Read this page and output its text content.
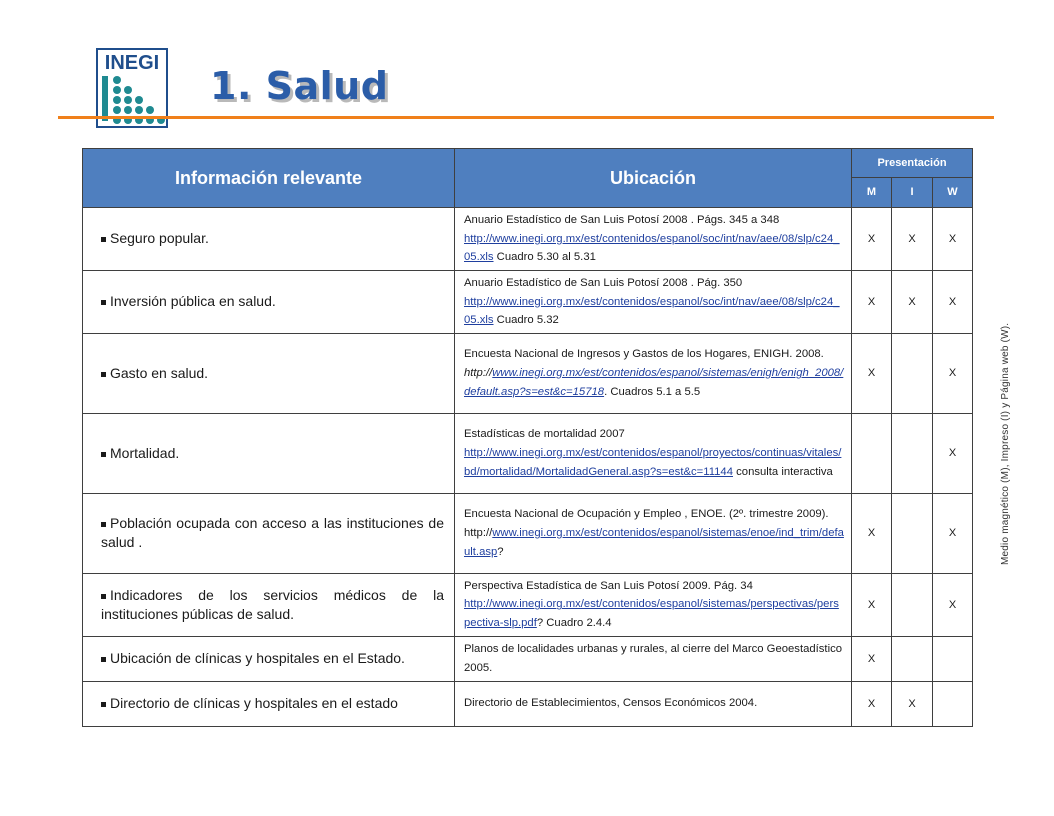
INEGI
1. Salud
Información relevante	Ubicación	Presentación		
		M	I	W
Seguro popular.	Anuario Estadístico de San Luis Potosí 2008 . Págs. 345 a 348
http://www.inegi.org.mx/est/contenidos/espanol/soc/int/nav/aee/08/slp/c24_05.xls Cuadro 5.30 al 5.31	X	X	X
Inversión pública en salud.	Anuario Estadístico de San Luis Potosí 2008 . Pág. 350
http://www.inegi.org.mx/est/contenidos/espanol/soc/int/nav/aee/08/slp/c24_05.xls Cuadro 5.32	X	X	X
Gasto en salud.	Encuesta Nacional de Ingresos y Gastos de los Hogares, ENIGH. 2008.
http://www.inegi.org.mx/est/contenidos/espanol/sistemas/enigh/enigh_2008/default.asp?s=est&c=15718. Cuadros 5.1 a 5.5	X		X
Mortalidad.	Estadísticas de mortalidad 2007
http://www.inegi.org.mx/est/contenidos/espanol/proyectos/continuas/vitales/bd/mortalidad/MortalidadGeneral.asp?s=est&c=11144 consulta interactiva			X
Población ocupada con acceso a las instituciones de salud .	Encuesta Nacional de Ocupación y Empleo , ENOE. (2º. trimestre 2009).
http://www.inegi.org.mx/est/contenidos/espanol/sistemas/enoe/ind_trim/default.asp?	X		X
Indicadores de los servicios médicos de la instituciones públicas de salud.	Perspectiva Estadística de San Luis Potosí 2009. Pág. 34
http://www.inegi.org.mx/est/contenidos/espanol/sistemas/perspectivas/perspectiva-slp.pdf? Cuadro 2.4.4	X		X
Ubicación de clínicas y hospitales en el Estado.	Planos de localidades urbanas y rurales, al cierre del Marco Geoestadístico 2005.	X		
Directorio de clínicas y hospitales en el estado	Directorio de Establecimientos, Censos Económicos 2004.	X	X	
Medio magnético (M), Impreso (I) y Página web (W).
